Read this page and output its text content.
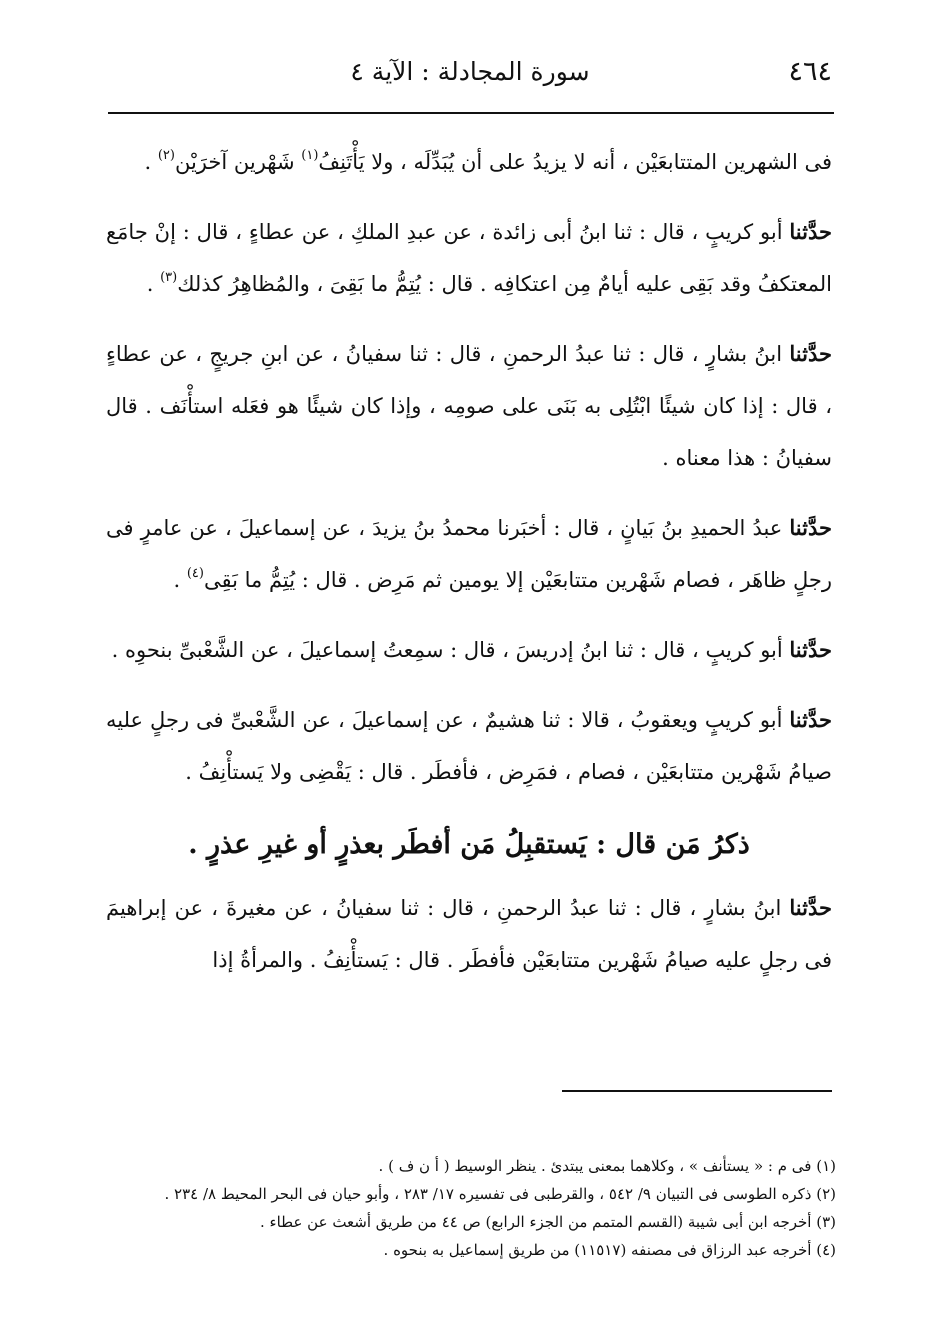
٤٦٤
سورة المجادلة : الآية ٤

فى الشهرين المتتابعَيْن ، أنه لا يزيدُ على أن يُبَدِّلَه ، ولا يَأْتَنِفُ$^{(١)}$ شَهْرين آخرَيْن$^{(٢)}$ .

حدَّثنا أبو كريبٍ ، قال : ثنا ابنُ أبى زائدة ، عن عبدِ الملكِ ، عن عطاءٍ ، قال : إنْ جامَع المعتكفُ وقد بَقِى عليه أيامٌ مِن اعتكافِه . قال : يُتِمُّ ما بَقِىَ ، والمُظاهِرُ كذلك$^{(٣)}$ .

حدَّثنا ابنُ بشارٍ ، قال : ثنا عبدُ الرحمنِ ، قال : ثنا سفيانُ ، عن ابنِ جريجٍ ، عن عطاءٍ ، قال : إذا كان شيئًا ابْتُلِى به بَنَى على صومِه ، وإذا كان شيئًا هو فعَله استأْنَف . قال سفيانُ : هذا معناه .

حدَّثنا عبدُ الحميدِ بنُ بَيانٍ ، قال : أخبَرنا محمدُ بنُ يزيدَ ، عن إسماعيلَ ، عن عامرٍ فى رجلٍ ظاهَر ، فصام شَهْرين متتابعَيْن إلا يومين ثم مَرِض . قال : يُتِمُّ ما بَقِى$^{(٤)}$ .

حدَّثنا أبو كريبٍ ، قال : ثنا ابنُ إدريسَ ، قال : سمِعتُ إسماعيلَ ، عن الشَّعْبىِّ بنحوِه .

حدَّثنا أبو كريبٍ ويعقوبُ ، قالا : ثنا هشيمٌ ، عن إسماعيلَ ، عن الشَّعْبىِّ فى رجلٍ عليه صيامُ شَهْرين متتابعَيْن ، فصام ، فمَرِض ، فأفطَر . قال : يَقْضِى ولا يَستأْنِفُ .

ذكرُ مَن قال : يَستقبِلُ مَن أفطَر بعذرٍ أو غيرِ عذرٍ .

حدَّثنا ابنُ بشارٍ ، قال : ثنا عبدُ الرحمنِ ، قال : ثنا سفيانُ ، عن مغيرةَ ، عن إبراهيمَ فى رجلٍ عليه صيامُ شَهْرين متتابعَيْن فأفطَر . قال : يَستأْنِفُ . والمرأةُ إذا

(١) فى م : « يستأنف » ، وكلاهما بمعنى يبتدئ . ينظر الوسيط ( أ ن ف ) .
(٢) ذكره الطوسى فى التبيان ٩/ ٥٤٢ ، والقرطبى فى تفسيره ١٧/ ٢٨٣ ، وأبو حيان فى البحر المحيط ٨/ ٢٣٤ .
(٣) أخرجه ابن أبى شيبة (القسم المتمم من الجزء الرابع) ص ٤٤ من طريق أشعث عن عطاء .
(٤) أخرجه عبد الرزاق فى مصنفه (١١٥١٧) من طريق إسماعيل به بنحوه .
